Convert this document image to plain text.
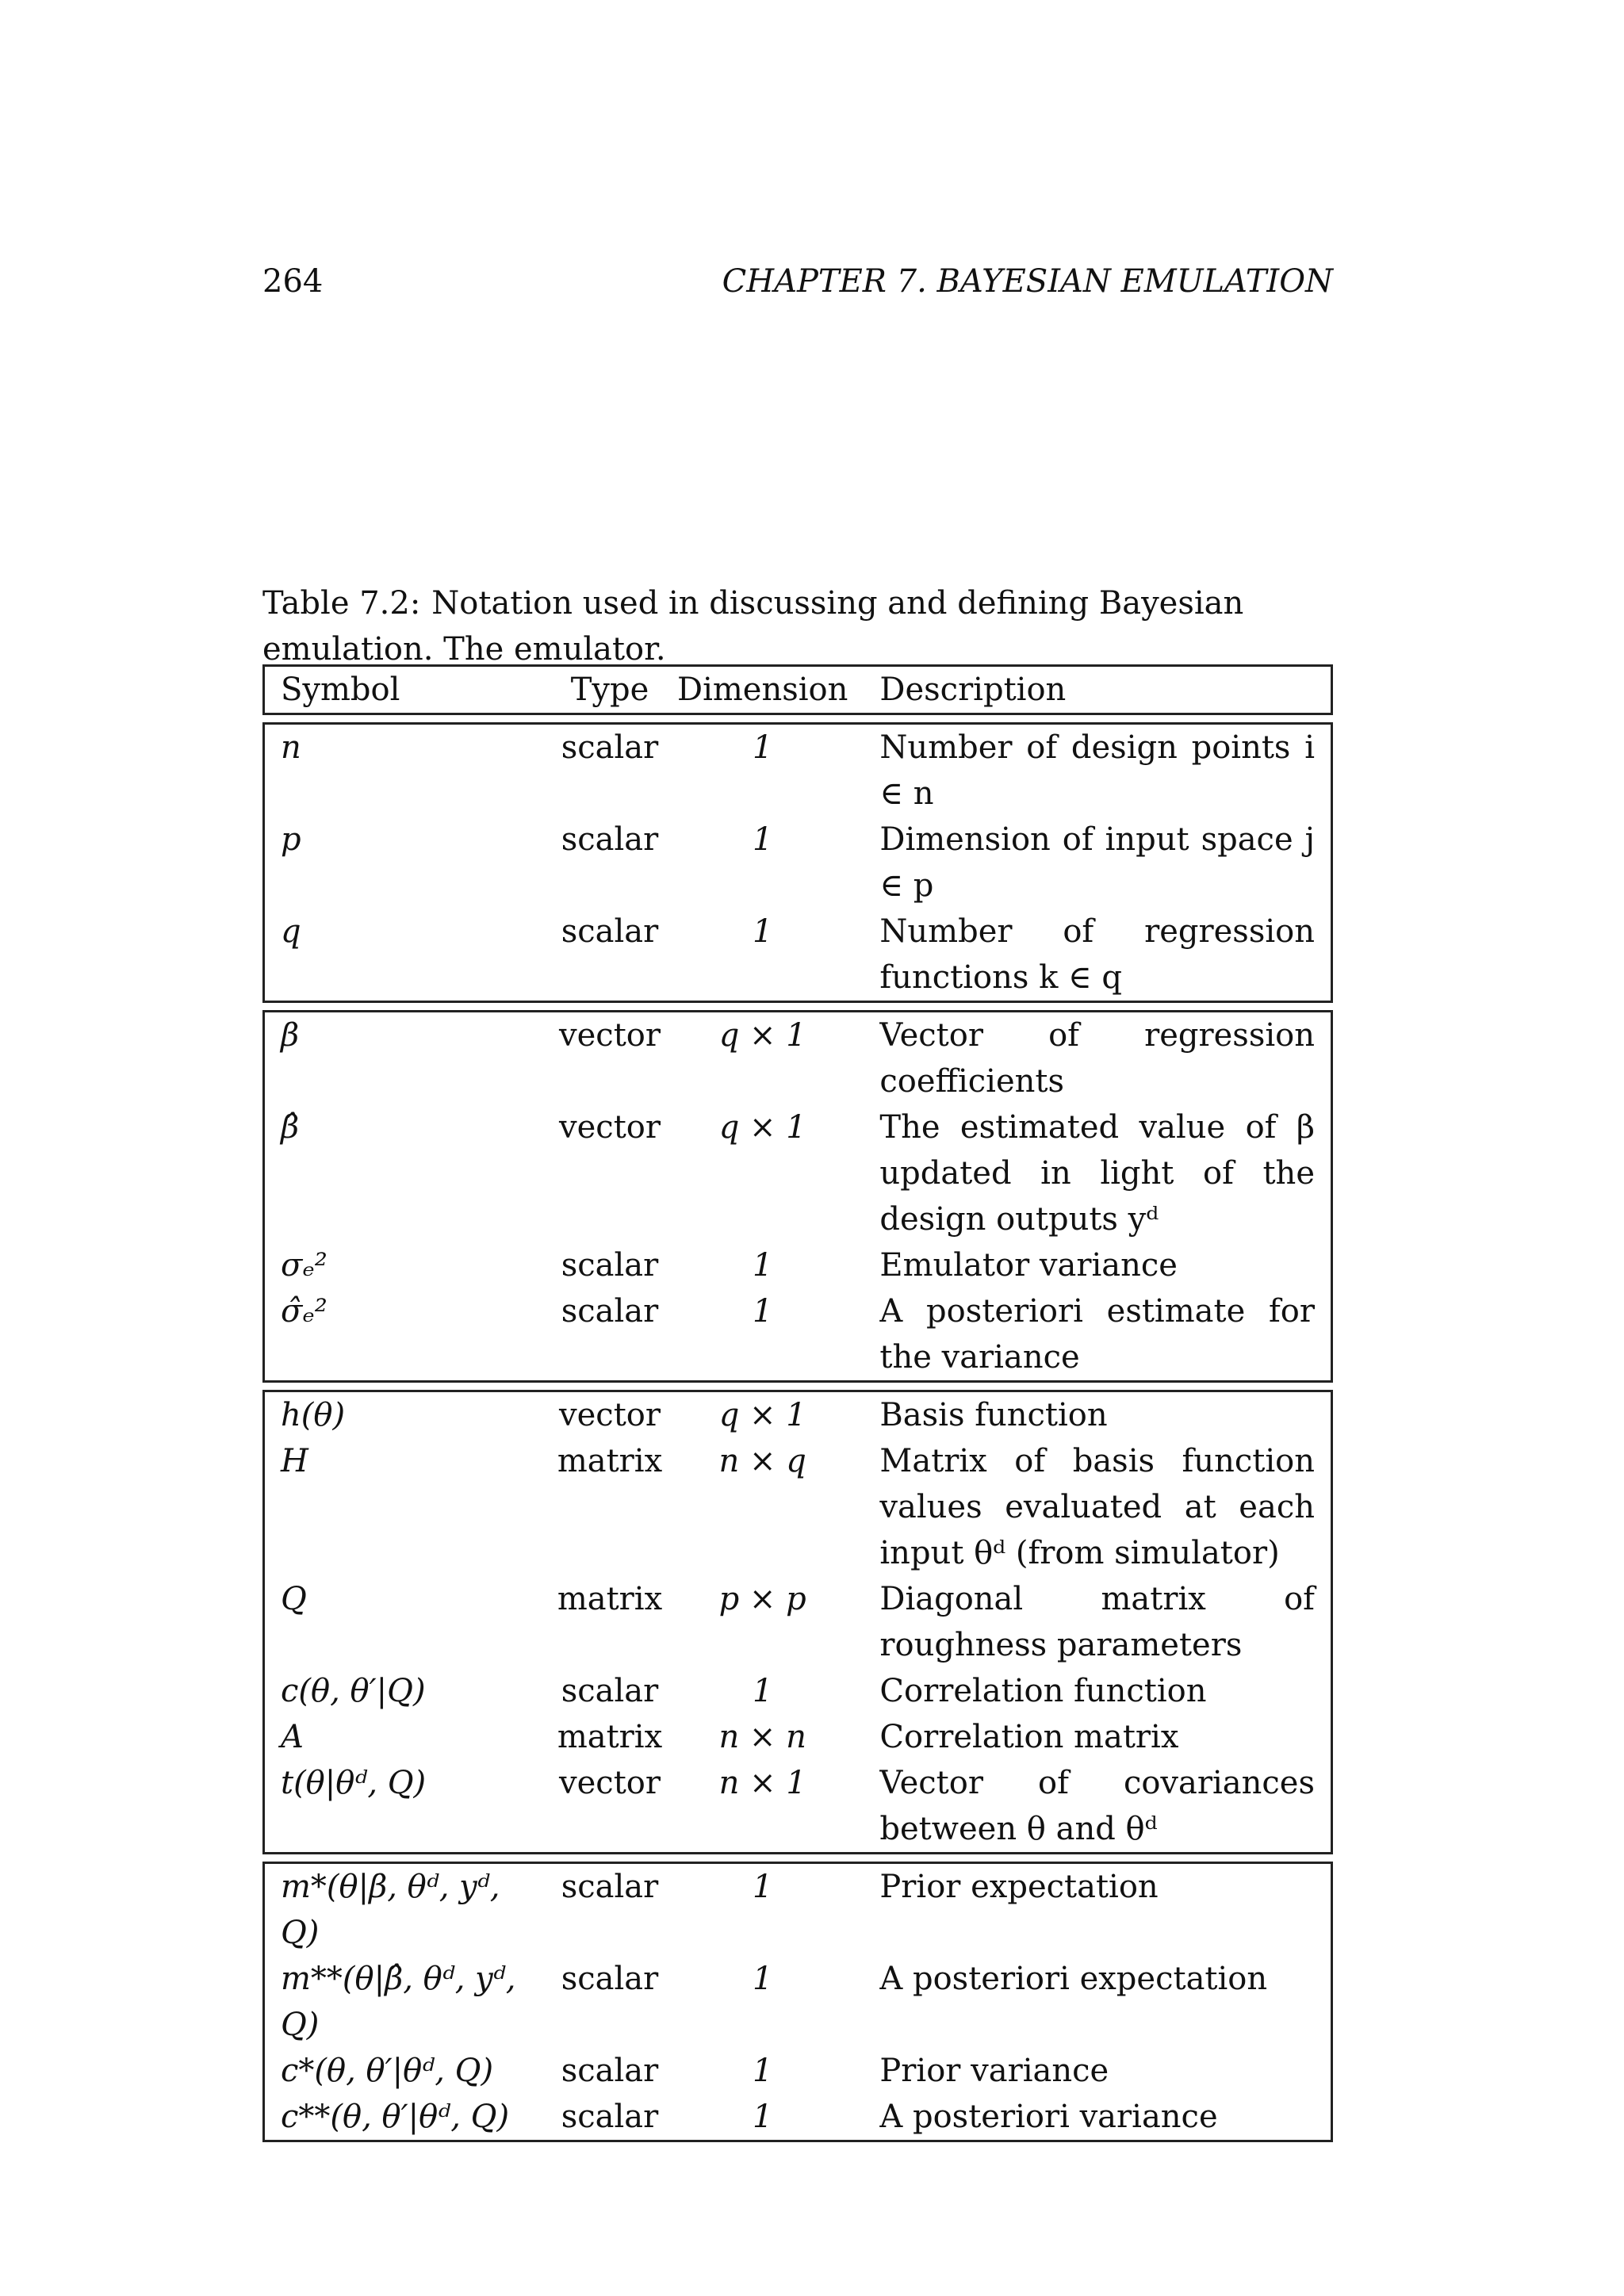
264	CHAPTER 7. BAYESIAN EMULATION
Table 7.2: Notation used in discussing and defining Bayesian emulation. The emulator.
Symbol	Type	Dimension	Description

n	scalar	1	Number of design points i ∈ n
p	scalar	1	Dimension of input space j ∈ p
q	scalar	1	Number of regression functions k ∈ q

β	vector	q × 1	Vector of regression coefficients
β̂	vector	q × 1	The estimated value of β updated in light of the design outputs yᵈ
σₑ²	scalar	1	Emulator variance
σ̂ₑ²	scalar	1	A posteriori estimate for the variance

h(θ)	vector	q × 1	Basis function
H	matrix	n × q	Matrix of basis function values evaluated at each input θᵈ (from simulator)
Q	matrix	p × p	Diagonal matrix of roughness parameters
c(θ, θ′|Q)	scalar	1	Correlation function
A	matrix	n × n	Correlation matrix
t(θ|θᵈ, Q)	vector	n × 1	Vector of covariances between θ and θᵈ

m*(θ|β, θᵈ, yᵈ, Q)	scalar	1	Prior expectation
m**(θ|β̂, θᵈ, yᵈ, Q)	scalar	1	A posteriori expectation
c*(θ, θ′|θᵈ, Q)	scalar	1	Prior variance
c**(θ, θ′|θᵈ, Q)	scalar	1	A posteriori variance
